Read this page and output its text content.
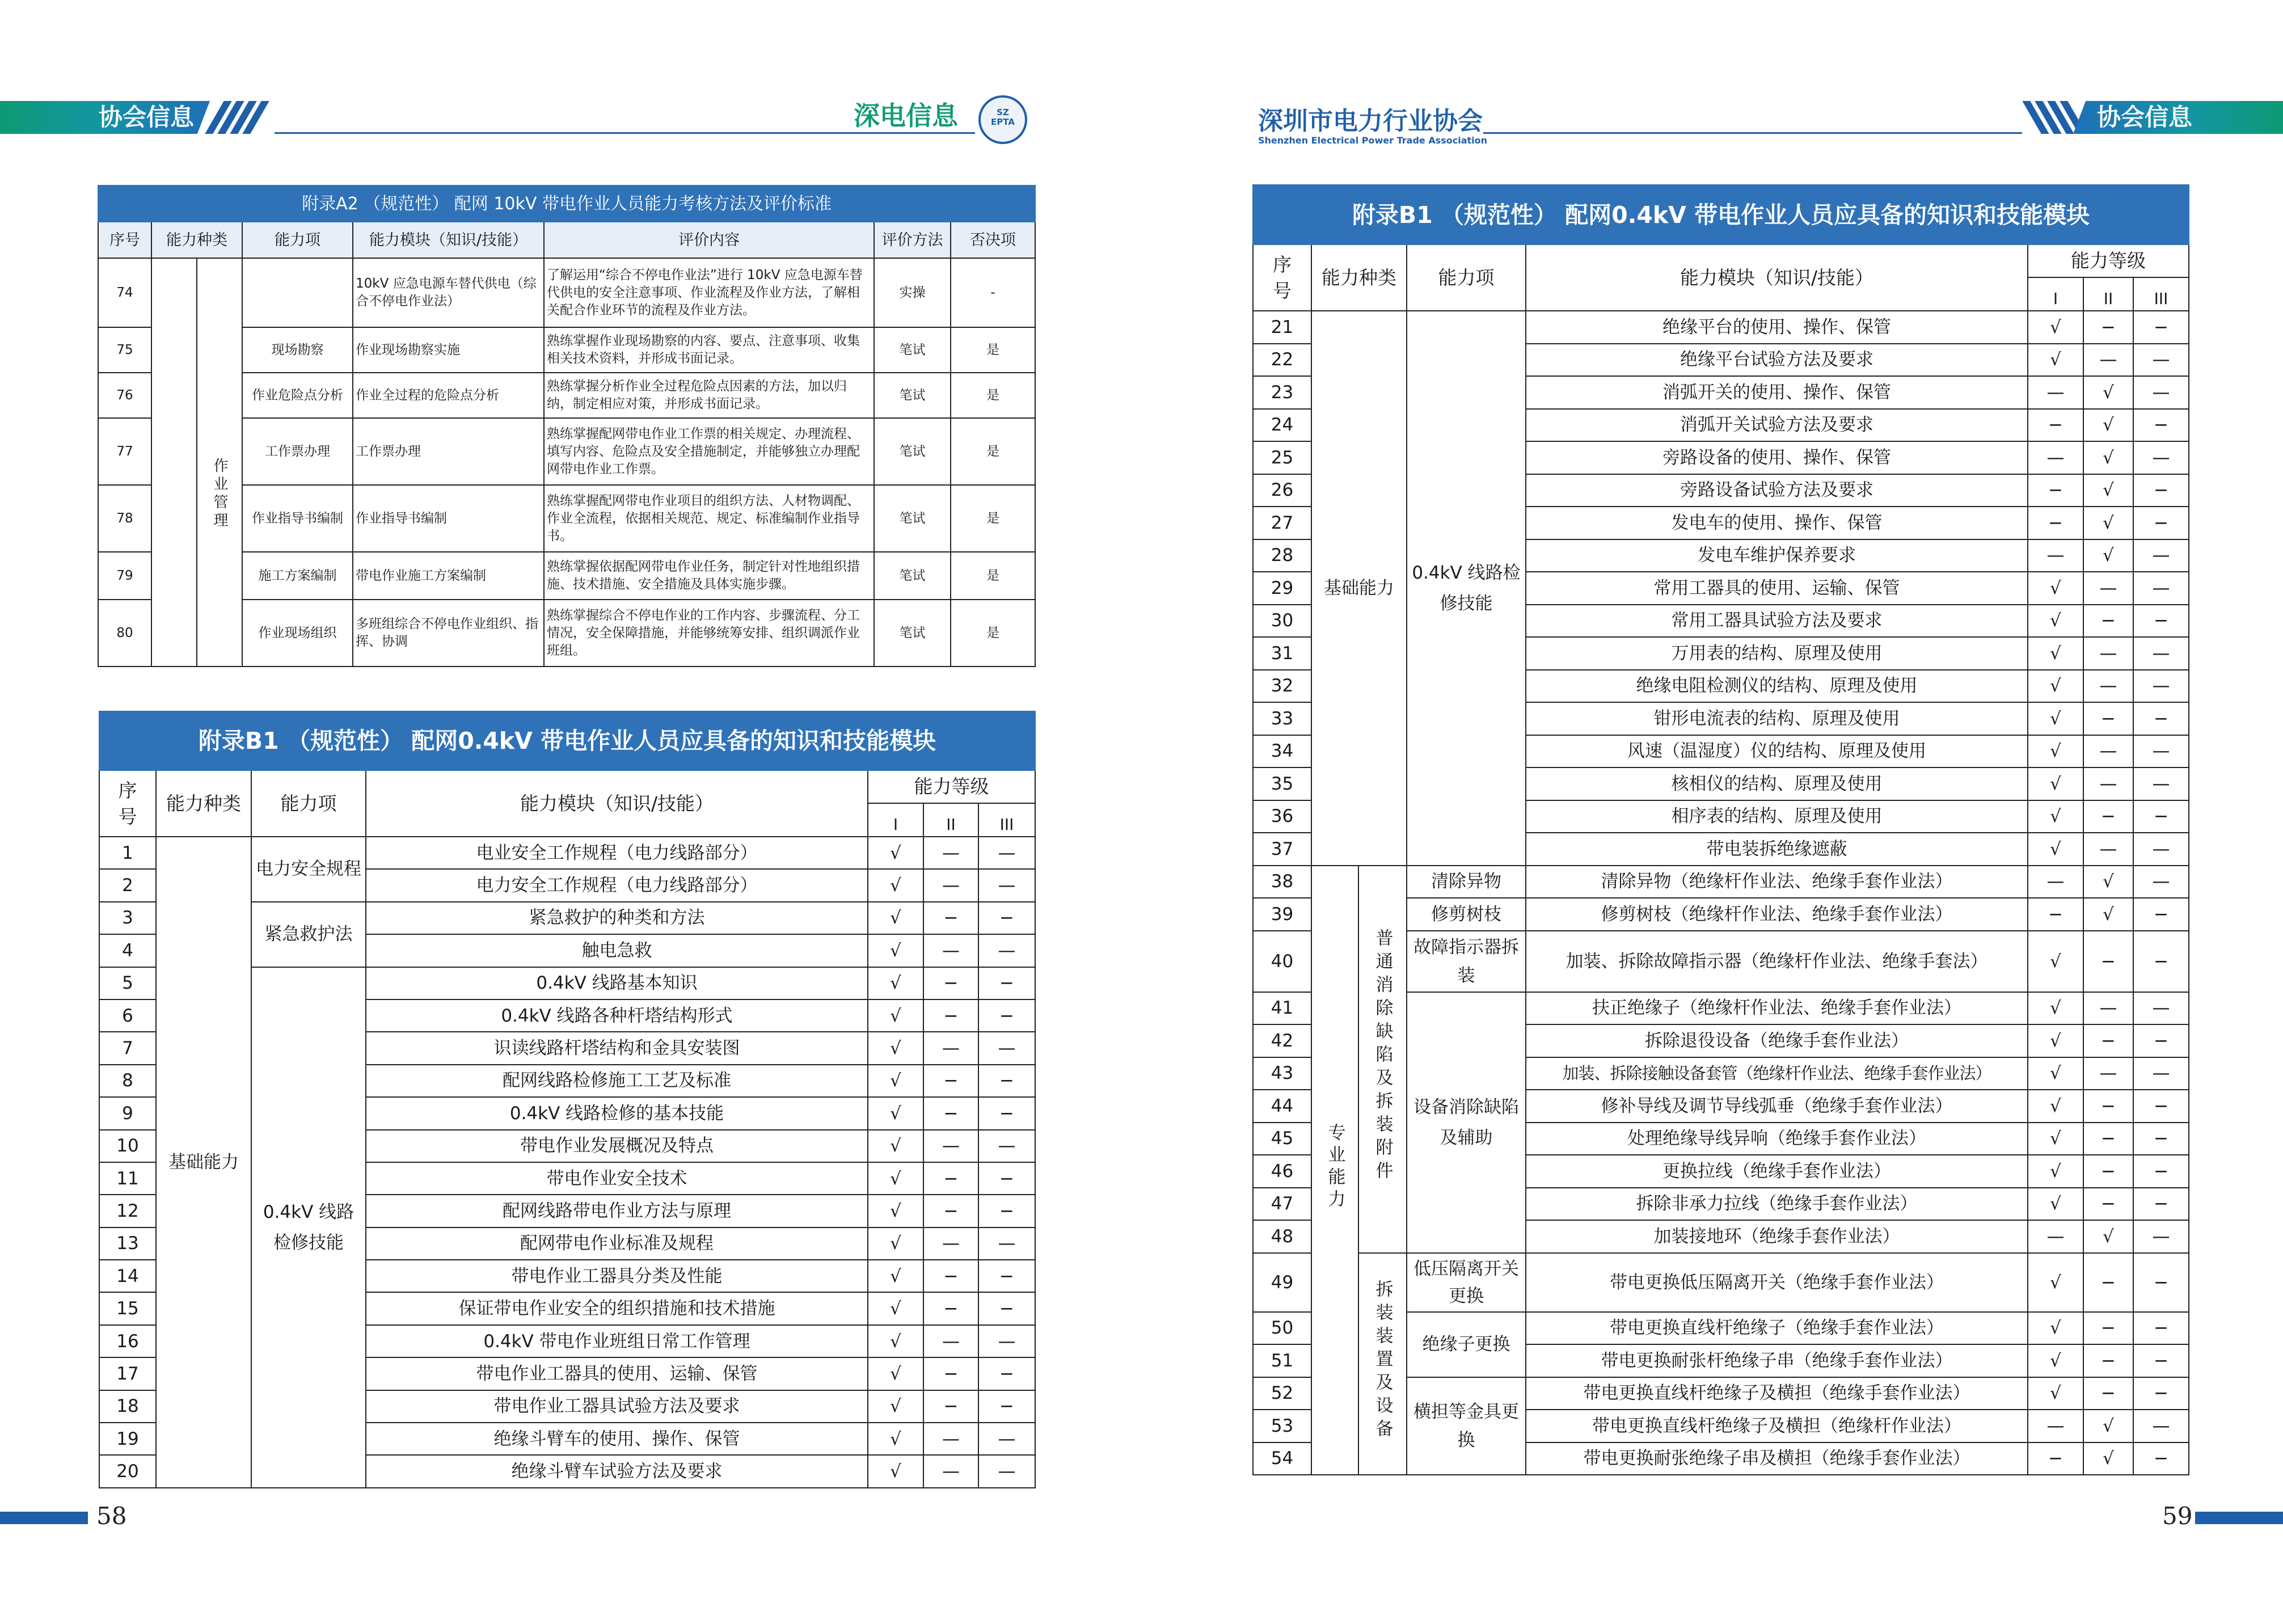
协会信息	深电信息	SZ
EPTA	深圳市电力行业协会
Shenzhen Electrical Power Trade Association
协会信息
附录A2 （规范性） 配网 10kV 带电作业人员能力考核方法及评价标准							
序号	能力种类		能力项	能力模块（知识/技能）	评价内容	评价方法	否决项
74				10kV 应急电源车替代供电（综合不停电作业法）	了解运用“综合不停电作业法”进行 10kV 应急电源车替代供电的安全注意事项、作业流程及作业方法，了解相关配合作业环节的流程及作业方法。	实操	-
75		作业管理	现场勘察	作业现场勘察实施	熟练掌握作业现场勘察的内容、要点、注意事项、收集相关技术资料，并形成书面记录。	笔试	是
76			作业危险点分析	作业全过程的危险点分析	熟练掌握分析作业全过程危险点因素的方法，加以归纳，制定相应对策，并形成书面记录。	笔试	是
77			工作票办理	工作票办理	熟练掌握配网带电作业工作票的相关规定、办理流程、填写内容、危险点及安全措施制定，并能够独立办理配网带电作业工作票。	笔试	是
78			作业指导书编制	作业指导书编制	熟练掌握配网带电作业项目的组织方法、人材物调配、作业全流程，依据相关规范、规定、标准编制作业指导书。	笔试	是
79			施工方案编制	带电作业施工方案编制	熟练掌握依据配网带电作业任务，制定针对性地组织措施、技术措施、安全措施及具体实施步骤。	笔试	是
80			作业现场组织	多班组综合不停电作业组织、指挥、协调	熟练掌握综合不停电作业的工作内容、步骤流程、分工情况，安全保障措施，并能够统筹安排、组织调派作业班组。	笔试	是
附录B1 （规范性） 配网0.4kV 带电作业人员应具备的知识和技能模块						
序号	能力种类	能力项	能力模块（知识/技能）	能力等级		

				I	II	III
1	基础能力	电力安全规程	电业安全工作规程（电力线路部分）	√	—	—
2			电力安全工作规程（电力线路部分）	√	—	—
3		紧急救护法	紧急救护的种类和方法	√	−	−
4			触电急救	√	—	—
5		0.4kV 线路检修技能	0.4kV 线路基本知识	√	−	−
6			0.4kV 线路各种杆塔结构形式	√	−	−
7			识读线路杆塔结构和金具安装图	√	—	—
8			配网线路检修施工工艺及标准	√	−	−
9			0.4kV 线路检修的基本技能	√	−	−
10			带电作业发展概况及特点	√	—	—
11			带电作业安全技术	√	−	−
12			配网线路带电作业方法与原理	√	−	−
13			配网带电作业标准及规程	√	—	—
14			带电作业工器具分类及性能	√	−	−
15			保证带电作业安全的组织措施和技术措施	√	−	−
16			0.4kV 带电作业班组日常工作管理	√	—	—
17			带电作业工器具的使用、运输、保管	√	−	−
18			带电作业工器具试验方法及要求	√	−	−
19			绝缘斗臂车的使用、操作、保管	√	—	—
20			绝缘斗臂车试验方法及要求	√	—	—
附录B1 （规范性） 配网0.4kV 带电作业人员应具备的知识和技能模块							
序号	能力种类		能力项	能力模块（知识/技能）	能力等级		

					I	II	III
21	基础能力		0.4kV 线路检修技能	绝缘平台的使用、操作、保管	√	−	−
22				绝缘平台试验方法及要求	√	—	—
23				消弧开关的使用、操作、保管	—	√	—
24				消弧开关试验方法及要求	−	√	−
25				旁路设备的使用、操作、保管	—	√	—
26				旁路设备试验方法及要求	−	√	−
27				发电车的使用、操作、保管	−	√	−
28				发电车维护保养要求	—	√	—
29				常用工器具的使用、运输、保管	√	—	—
30				常用工器具试验方法及要求	√	−	−
31				万用表的结构、原理及使用	√	—	—
32				绝缘电阻检测仪的结构、原理及使用	√	—	—
33				钳形电流表的结构、原理及使用	√	−	−
34				风速（温湿度）仪的结构、原理及使用	√	—	—
35				核相仪的结构、原理及使用	√	—	—
36				相序表的结构、原理及使用	√	−	−
37				带电装拆绝缘遮蔽	√	—	—
38	专业能力	普通消除缺陷及拆装附件	清除异物	清除异物（绝缘杆作业法、绝缘手套作业法）	—	√	—
39			修剪树枝	修剪树枝（绝缘杆作业法、绝缘手套作业法）	−	√	−
40			故障指示器拆装	加装、拆除故障指示器（绝缘杆作业法、绝缘手套法）	√	−	−
41			设备消除缺陷及辅助	扶正绝缘子（绝缘杆作业法、绝缘手套作业法）	√	—	—
42				拆除退役设备（绝缘手套作业法）	√	−	−
43				加装、拆除接触设备套管（绝缘杆作业法、绝缘手套作业法）	√	—	—
44				修补导线及调节导线弧垂（绝缘手套作业法）	√	−	−
45				处理绝缘导线异响（绝缘手套作业法）	√	−	−
46				更换拉线（绝缘手套作业法）	√	−	−
47				拆除非承力拉线（绝缘手套作业法）	√	−	−
48				加装接地环（绝缘手套作业法）	—	√	—
49		拆装装置及设备	低压隔离开关更换	带电更换低压隔离开关（绝缘手套作业法）	√	−	−
50			绝缘子更换	带电更换直线杆绝缘子（绝缘手套作业法）	√	−	−
51				带电更换耐张杆绝缘子串（绝缘手套作业法）	√	−	−
52			横担等金具更换	带电更换直线杆绝缘子及横担（绝缘手套作业法）	√	−	−
53				带电更换直线杆绝缘子及横担（绝缘杆作业法）	—	√	—
54				带电更换耐张绝缘子串及横担（绝缘手套作业法）	−	√	−
58	59
